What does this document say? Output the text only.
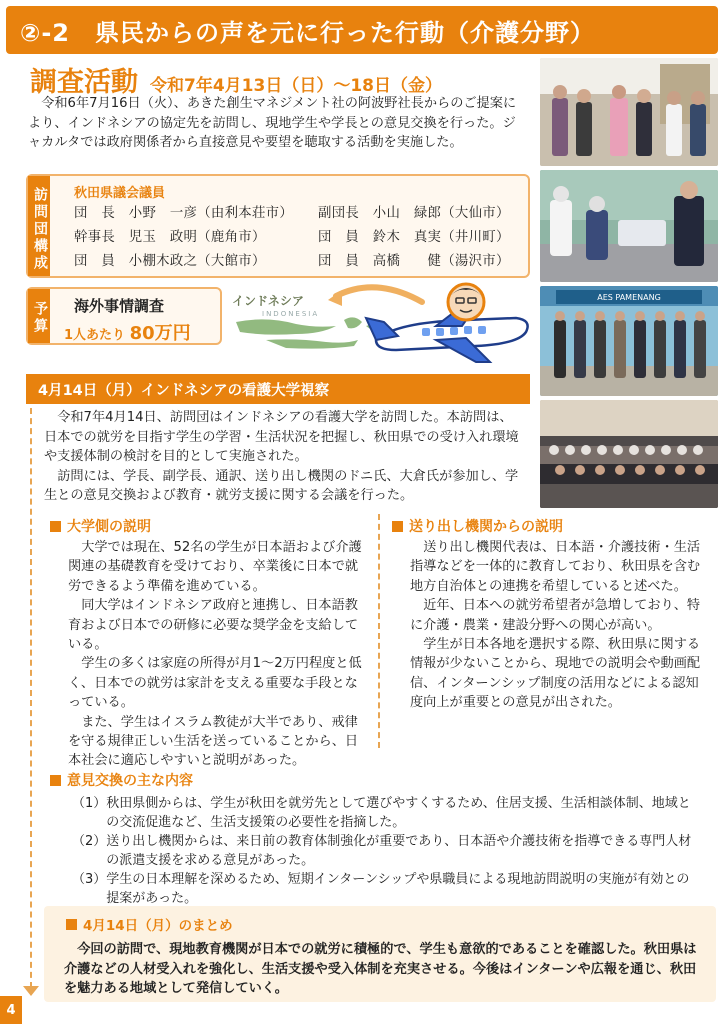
②-2　県民からの声を元に行った行動（介護分野）
AES PAMENANG
調査活動 令和7年4月13日（日）～18日（金）

令和6年7月16日（火）、あきた創生マネジメント社の阿波野社長からのご提案により、インドネシアの協定先を訪問し、現地学生や学長との意見交換を行った。ジャカルタでは政府関係者から直接意見や要望を聴取する活動を実施した。

訪問団構成 秋田県議会議員
団　長　小野　一彦（由利本荘市）
幹事長　児玉　政明（鹿角市）
団　員　小棚木政之（大館市）
副団長　小山　緑郎（大仙市）
団　員　鈴木　真実（井川町）
団　員　高橋　　健（湯沢市）
予算 海外事情調査
1人あたり 80万円
インドネシア
INDONESIA
4月14日（月）インドネシアの看護大学視察

令和7年4月14日、訪問団はインドネシアの看護大学を訪問した。本訪問は、日本での就労を目指す学生の学習・生活状況を把握し、秋田県での受け入れ環境や支援体制の検討を目的として実施された。

訪問には、学長、副学長、通訳、送り出し機関のドニ氏、大倉氏が参加し、学生との意見交換および教育・就労支援に関する会議を行った。

大学側の説明

大学では現在、52名の学生が日本語および介護関連の基礎教育を受けており、卒業後に日本で就労できるよう準備を進めている。

同大学はインドネシア政府と連携し、日本語教育および日本での研修に必要な奨学金を支給している。

学生の多くは家庭の所得が月1～2万円程度と低く、日本での就労は家計を支える重要な手段となっている。

また、学生はイスラム教徒が大半であり、戒律を守る規律正しい生活を送っていることから、日本社会に適応しやすいと説明があった。

送り出し機関からの説明

送り出し機関代表は、日本語・介護技術・生活指導などを一体的に教育しており、秋田県を含む地方自治体との連携を希望していると述べた。

近年、日本への就労希望者が急増しており、特に介護・農業・建設分野への関心が高い。

学生が日本各地を選択する際、秋田県に関する情報が少ないことから、現地での説明会や動画配信、インターンシップ制度の活用などによる認知度向上が重要との意見が出された。

意見交換の主な内容
（1） 秋田県側からは、学生が秋田を就労先として選びやすくするため、住居支援、生活相談体制、地域との交流促進など、生活支援策の必要性を指摘した。
（2） 送り出し機関からは、来日前の教育体制強化が重要であり、日本語や介護技術を指導できる専門人材の派遣支援を求める意見があった。
（3） 学生の日本理解を深めるため、短期インターンシップや県職員による現地訪問説明の実施が有効との提案があった。
4月14日（月）のまとめ

今回の訪問で、現地教育機関が日本での就労に積極的で、学生も意欲的であることを確認した。秋田県は介護などの人材受入れを強化し、生活支援や受入体制を充実させる。今後はインターンや広報を通じ、秋田を魅力ある地域として発信していく。

4
